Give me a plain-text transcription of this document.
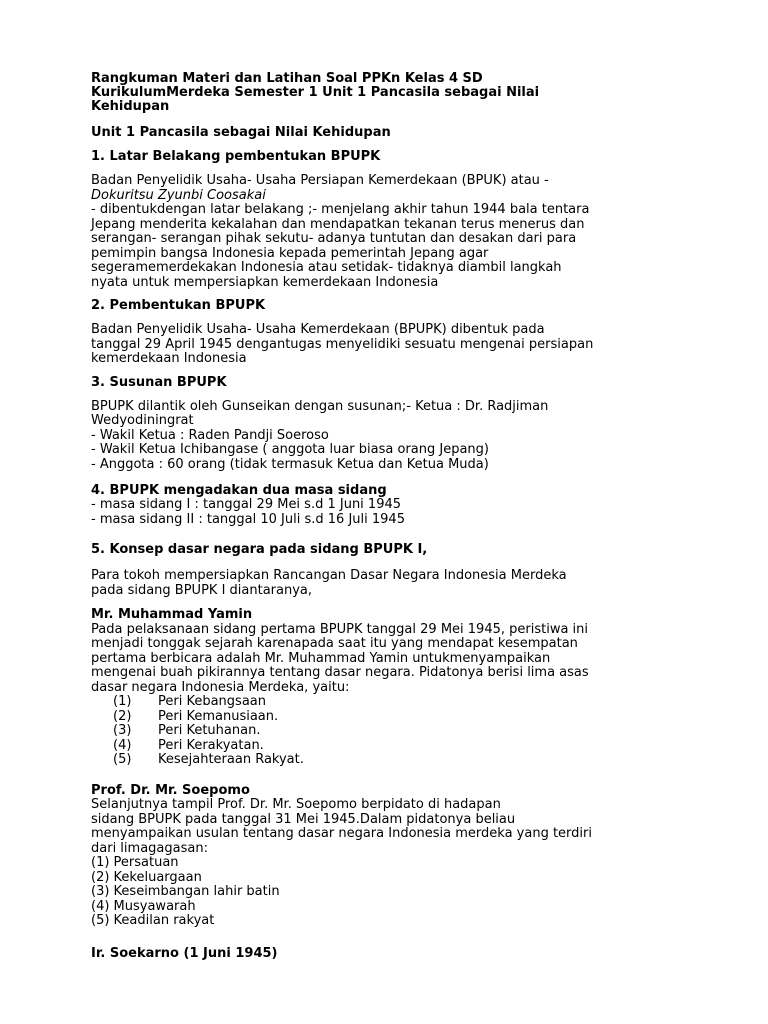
Rangkuman Materi dan Latihan Soal PPKn Kelas 4 SD
KurikulumMerdeka Semester 1 Unit 1 Pancasila sebagai Nilai
Kehidupan
Unit 1 Pancasila sebagai Nilai Kehidupan
1. Latar Belakang pembentukan BPUPK

Badan Penyelidik Usaha- Usaha Persiapan Kemerdekaan (BPUK) atau -
Dokuritsu Zyunbi Coosakai
- dibentukdengan latar belakang ;- menjelang akhir tahun 1944 bala tentara
Jepang menderita kekalahan dan mendapatkan tekanan terus menerus dan
serangan- serangan pihak sekutu- adanya tuntutan dan desakan dari para
pemimpin bangsa Indonesia kepada pemerintah Jepang agar
segeramemerdekakan Indonesia atau setidak- tidaknya diambil langkah
nyata untuk mempersiapkan kemerdekaan Indonesia

2. Pembentukan BPUPK

Badan Penyelidik Usaha- Usaha Kemerdekaan (BPUPK) dibentuk pada
tanggal 29 April 1945 dengantugas menyelidiki sesuatu mengenai persiapan
kemerdekaan Indonesia

3. Susunan BPUPK

BPUPK dilantik oleh Gunseikan dengan susunan;- Ketua : Dr. Radjiman
Wedyodiningrat
- Wakil Ketua : Raden Pandji Soeroso
- Wakil Ketua Ichibangase ( anggota luar biasa orang Jepang)
- Anggota : 60 orang (tidak termasuk Ketua dan Ketua Muda)

4. BPUPK mengadakan dua masa sidang

- masa sidang I : tanggal 29 Mei s.d 1 Juni 1945
- masa sidang II : tanggal 10 Juli s.d 16 Juli 1945

5. Konsep dasar negara pada sidang BPUPK I,

Para tokoh mempersiapkan Rancangan Dasar Negara Indonesia Merdeka
pada sidang BPUPK I diantaranya,

Mr. Muhammad Yamin

Pada pelaksanaan sidang pertama BPUPK tanggal 29 Mei 1945, peristiwa ini
menjadi tonggak sejarah karenapada saat itu yang mendapat kesempatan
pertama berbicara adalah Mr. Muhammad Yamin untukmenyampaikan
mengenai buah pikirannya tentang dasar negara. Pidatonya berisi lima asas
dasar negara Indonesia Merdeka, yaitu:

(1)	Peri Kebangsaan
(2)	Peri Kemanusiaan.
(3)	Peri Ketuhanan.
(4)	Peri Kerakyatan.
(5)	Kesejahteraan Rakyat.
Prof. Dr. Mr. Soepomo

Selanjutnya tampil Prof. Dr. Mr. Soepomo berpidato di hadapan
sidang BPUPK pada tanggal 31 Mei 1945.Dalam pidatonya beliau
menyampaikan usulan tentang dasar negara Indonesia merdeka yang terdiri
dari limagagasan:

(1) Persatuan
(2) Kekeluargaan
(3) Keseimbangan lahir batin
(4) Musyawarah
(5) Keadilan rakyat
Ir. Soekarno (1 Juni 1945)
